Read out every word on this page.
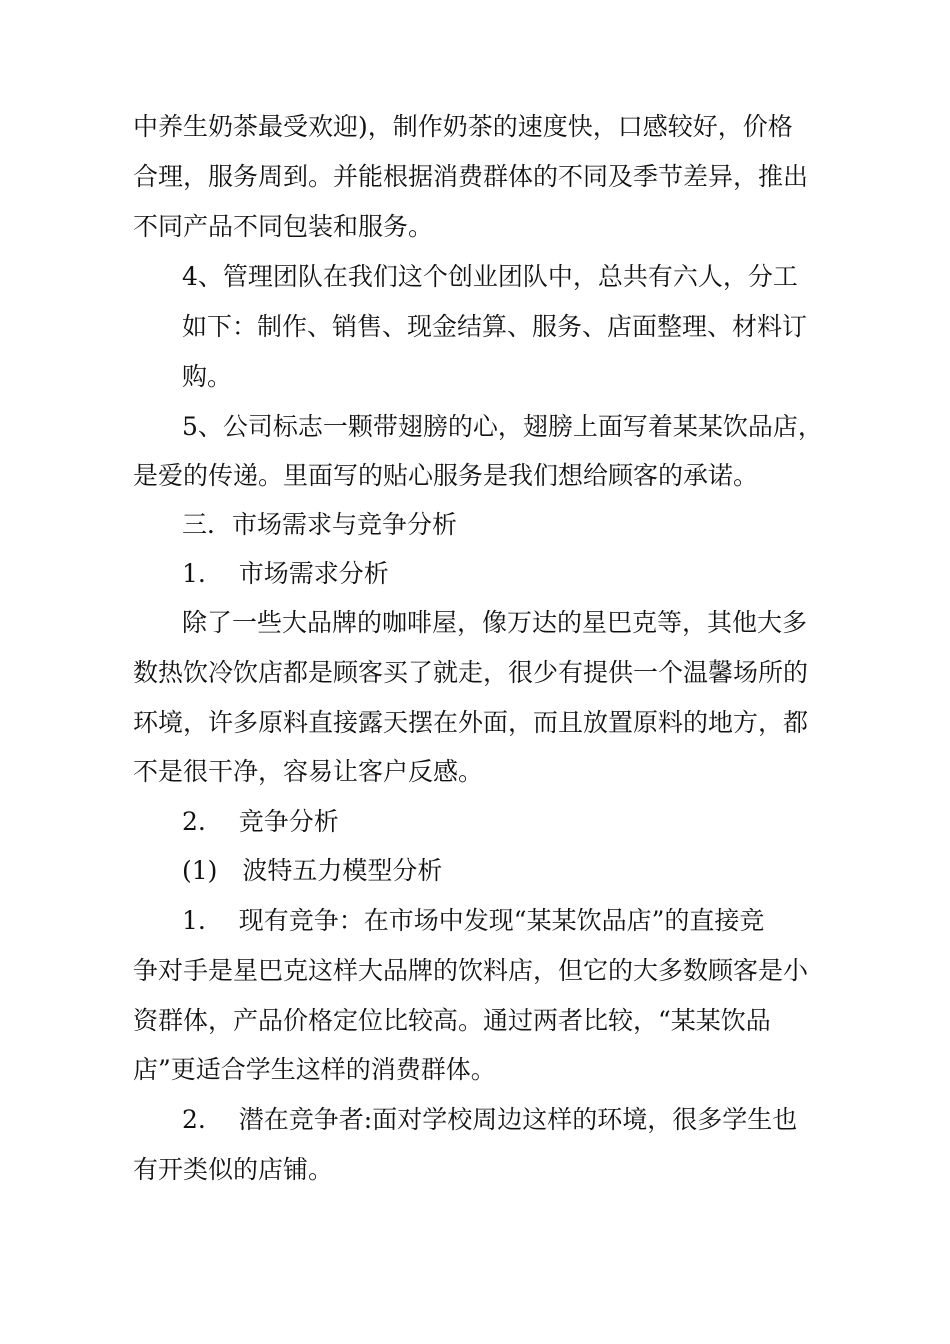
中养生奶茶最受欢迎)，制作奶茶的速度快，口感较好，价格
合理，服务周到。并能根据消费群体的不同及季节差异，推出
不同产品不同包装和服务。
4、管理团队在我们这个创业团队中，总共有六人，分工
如下：制作、销售、现金结算、服务、店面整理、材料订
购。
5、公司标志一颗带翅膀的心，翅膀上面写着某某饮品店，
是爱的传递。里面写的贴心服务是我们想给顾客的承诺。
三．市场需求与竞争分析
1.　 市场需求分析
除了一些大品牌的咖啡屋，像万达的星巴克等，其他大多
数热饮冷饮店都是顾客买了就走，很少有提供一个温馨场所的
环境，许多原料直接露天摆在外面，而且放置原料的地方，都
不是很干净，容易让客户反感。
2.　 竞争分析
(1)　波特五力模型分析
1.　 现有竞争：在市场中发现“某某饮品店”的直接竞
争对手是星巴克这样大品牌的饮料店，但它的大多数顾客是小
资群体，产品价格定位比较高。通过两者比较，“某某饮品
店”更适合学生这样的消费群体。
2.　 潜在竞争者:面对学校周边这样的环境，很多学生也
有开类似的店铺。
